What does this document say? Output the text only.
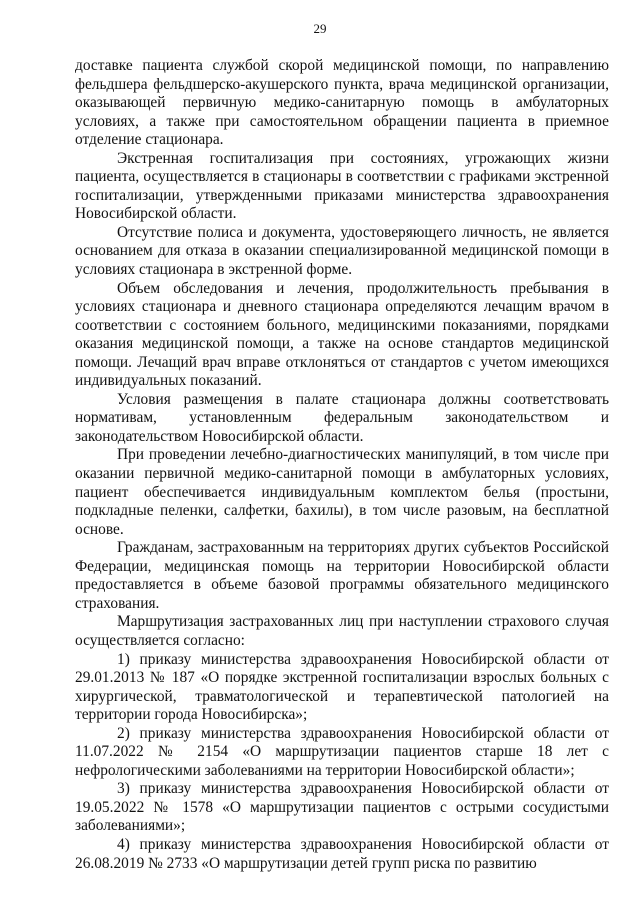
29

доставке пациента службой скорой медицинской помощи, по направлению фельдшера фельдшерско-акушерского пункта, врача медицинской организации, оказывающей первичную медико-санитарную помощь в амбулаторных условиях, а также при самостоятельном обращении пациента в приемное отделение стационара.

Экстренная госпитализация при состояниях, угрожающих жизни пациента, осуществляется в стационары в соответствии с графиками экстренной госпитализации, утвержденными приказами министерства здравоохранения Новосибирской области.

Отсутствие полиса и документа, удостоверяющего личность, не является основанием для отказа в оказании специализированной медицинской помощи в условиях стационара в экстренной форме.

Объем обследования и лечения, продолжительность пребывания в условиях стационара и дневного стационара определяются лечащим врачом в соответствии с состоянием больного, медицинскими показаниями, порядками оказания медицинской помощи, а также на основе стандартов медицинской помощи. Лечащий врач вправе отклоняться от стандартов с учетом имеющихся индивидуальных показаний.

Условия размещения в палате стационара должны соответствовать нормативам, установленным федеральным законодательством и законодательством Новосибирской области.

При проведении лечебно-диагностических манипуляций, в том числе при оказании первичной медико-санитарной помощи в амбулаторных условиях, пациент обеспечивается индивидуальным комплектом белья (простыни, подкладные пеленки, салфетки, бахилы), в том числе разовым, на бесплатной основе.

Гражданам, застрахованным на территориях других субъектов Российской Федерации, медицинская помощь на территории Новосибирской области предоставляется в объеме базовой программы обязательного медицинского страхования.

Маршрутизация застрахованных лиц при наступлении страхового случая осуществляется согласно:

1) приказу министерства здравоохранения Новосибирской области от 29.01.2013 № 187 «О порядке экстренной госпитализации взрослых больных с хирургической, травматологической и терапевтической патологией на территории города Новосибирска»;

2) приказу министерства здравоохранения Новосибирской области от 11.07.2022 № 2154 «О маршрутизации пациентов старше 18 лет с нефрологическими заболеваниями на территории Новосибирской области»;

3) приказу министерства здравоохранения Новосибирской области от 19.05.2022 № 1578 «О маршрутизации пациентов с острыми сосудистыми заболеваниями»;

4) приказу министерства здравоохранения Новосибирской области от 26.08.2019 № 2733 «О маршрутизации детей групп риска по развитию
